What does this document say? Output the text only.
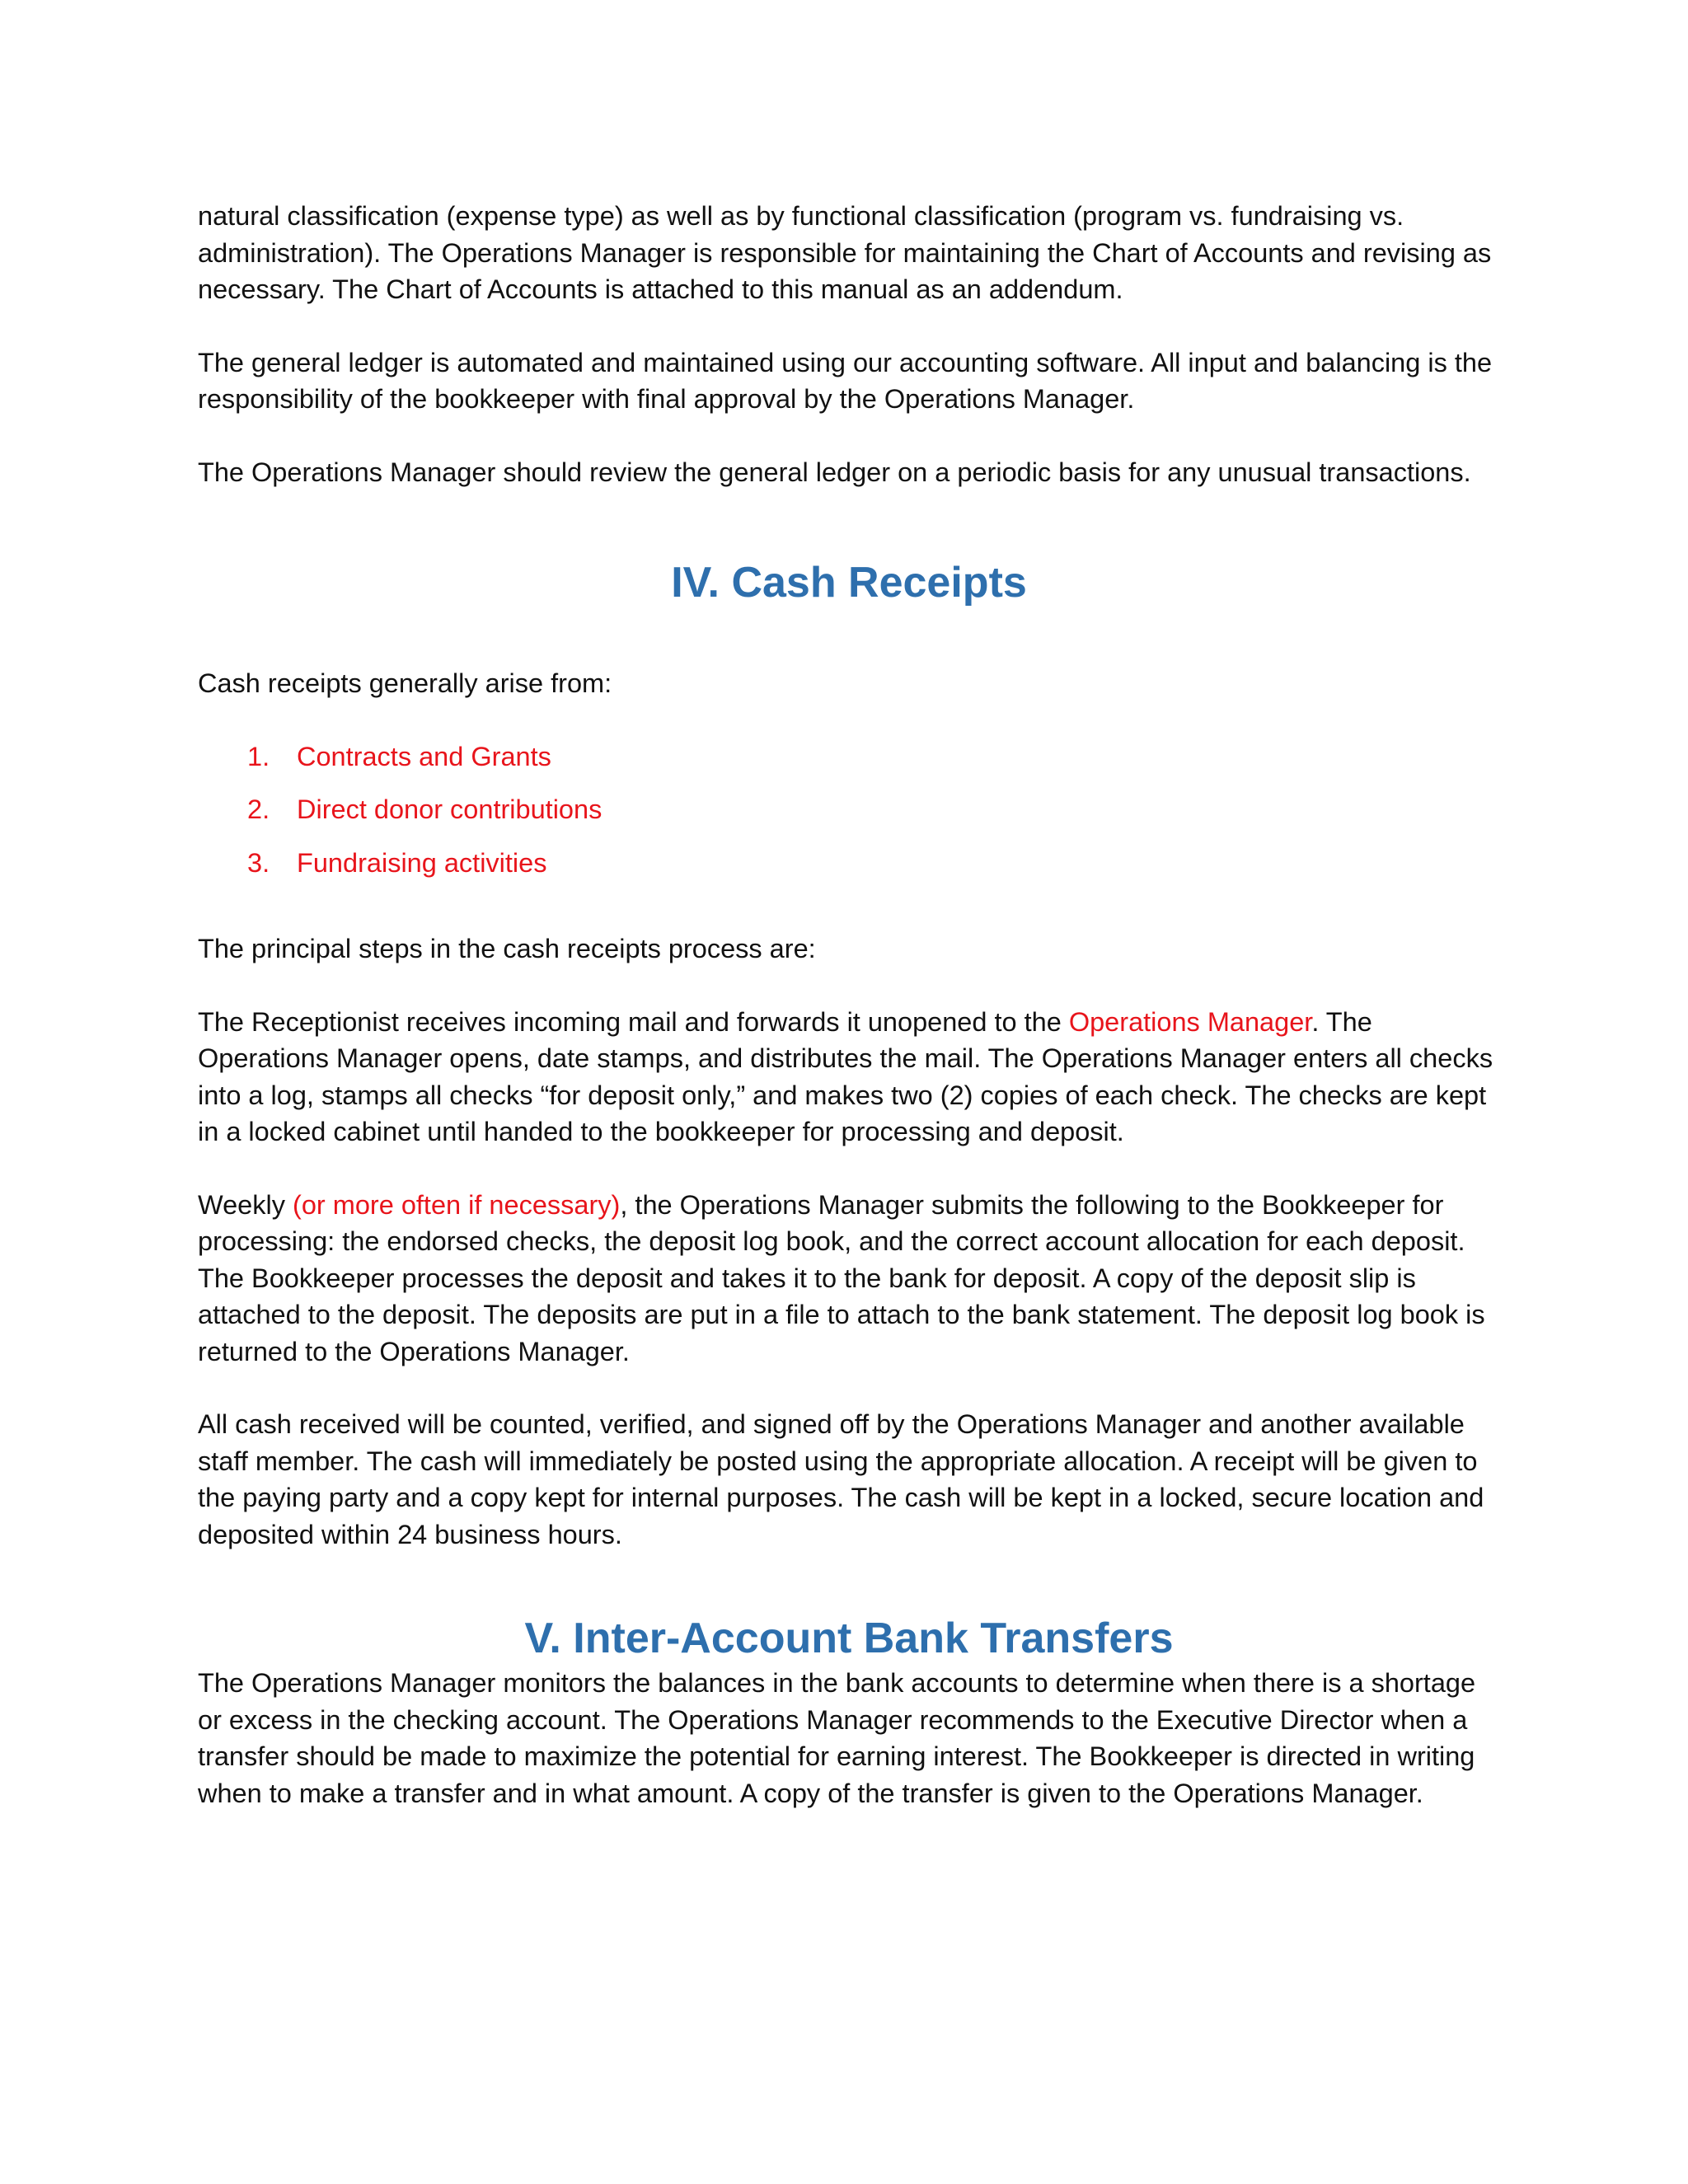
natural classification (expense type) as well as by functional classification (program vs. fundraising vs. administration). The Operations Manager is responsible for maintaining the Chart of Accounts and revising as necessary. The Chart of Accounts is attached to this manual as an addendum.

The general ledger is automated and maintained using our accounting software. All input and balancing is the responsibility of the bookkeeper with final approval by the Operations Manager.

The Operations Manager should review the general ledger on a periodic basis for any unusual transactions.

IV. Cash Receipts

Cash receipts generally arise from:

1.	Contracts and Grants
2.	Direct donor contributions
3.	Fundraising activities

The principal steps in the cash receipts process are:

The Receptionist receives incoming mail and forwards it unopened to the Operations Manager. The Operations Manager opens, date stamps, and distributes the mail. The Operations Manager enters all checks into a log, stamps all checks “for deposit only,” and makes two (2) copies of each check. The checks are kept in a locked cabinet until handed to the bookkeeper for processing and deposit.

Weekly (or more often if necessary), the Operations Manager submits the following to the Bookkeeper for processing: the endorsed checks, the deposit log book, and the correct account allocation for each deposit. The Bookkeeper processes the deposit and takes it to the bank for deposit. A copy of the deposit slip is attached to the deposit. The deposits are put in a file to attach to the bank statement. The deposit log book is returned to the Operations Manager.

All cash received will be counted, verified, and signed off by the Operations Manager and another available staff member. The cash will immediately be posted using the appropriate allocation. A receipt will be given to the paying party and a copy kept for internal purposes. The cash will be kept in a locked, secure location and deposited within 24 business hours.

V. Inter-Account Bank Transfers

The Operations Manager monitors the balances in the bank accounts to determine when there is a shortage or excess in the checking account. The Operations Manager recommends to the Executive Director when a transfer should be made to maximize the potential for earning interest. The Bookkeeper is directed in writing when to make a transfer and in what amount. A copy of the transfer is given to the Operations Manager.
